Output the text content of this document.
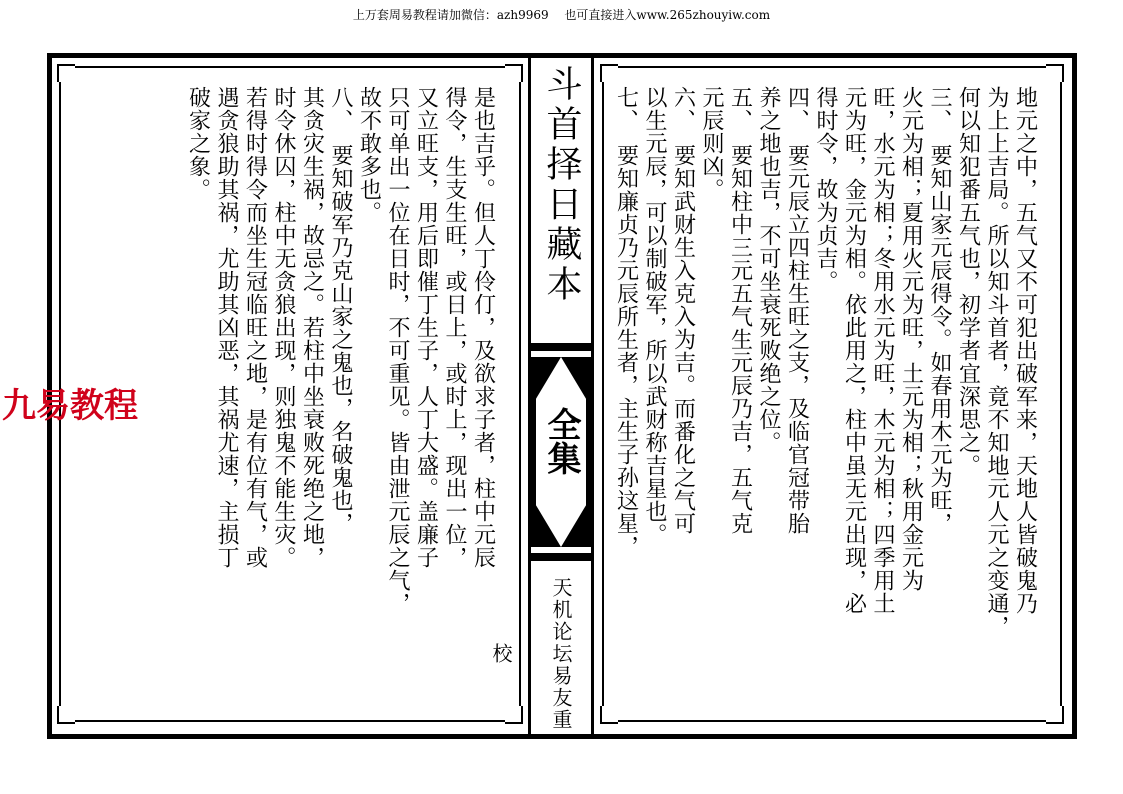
上万套周易教程请加微信：azh9969　 也可直接进入www.265zhouyiw.com
是也吉乎。但人丁伶仃，及欲求子者，柱中元辰
得令，生支生旺，或日上，或时上，现出一位，
又立旺支，用后即催丁生子，人丁大盛。盖廉子
只可单出一位在日时，不可重见。皆由泄元辰之气，
故不敢多也。
八、　要知破军乃克山家之鬼也，名破鬼也，
其贪灾生祸，故忌之。若柱中坐衰败死绝之地，
时令休囚，柱中无贪狼出现，则独鬼不能生灾。
若得时得令而坐生冠临旺之地，是有位有气，或
遇贪狼助其祸，尤助其凶恶，其祸尤速，主损丁
破家之象。	斗首择日藏本
全集
天机论坛易友重　校
地元之中，五气又不可犯出破军来，天地人皆破鬼乃
为上上吉局。所以知斗首者，竟不知地元人元之变通，
何以知犯番五气也，初学者宜深思之。
三、　要知山家元辰得令。如春用木元为旺，
火元为相；夏用火元为旺，土元为相；秋用金元为
旺，水元为相；冬用水元为旺，木元为相；四季用土
元为旺，金元为相。依此用之，柱中虽无元出现，必
得时令，故为贞吉。
四、　要元辰立四柱生旺之支，及临官冠带胎
养之地也吉，不可坐衰死败绝之位。
五、　要知柱中三元五气生元辰乃吉，五气克
元辰则凶。
六、　要知武财生入克入为吉。而番化之气可
以生元辰，可以制破军，所以武财称吉星也。
七、　要知廉贞乃元辰所生者，主生子孙这星，
九易教程
